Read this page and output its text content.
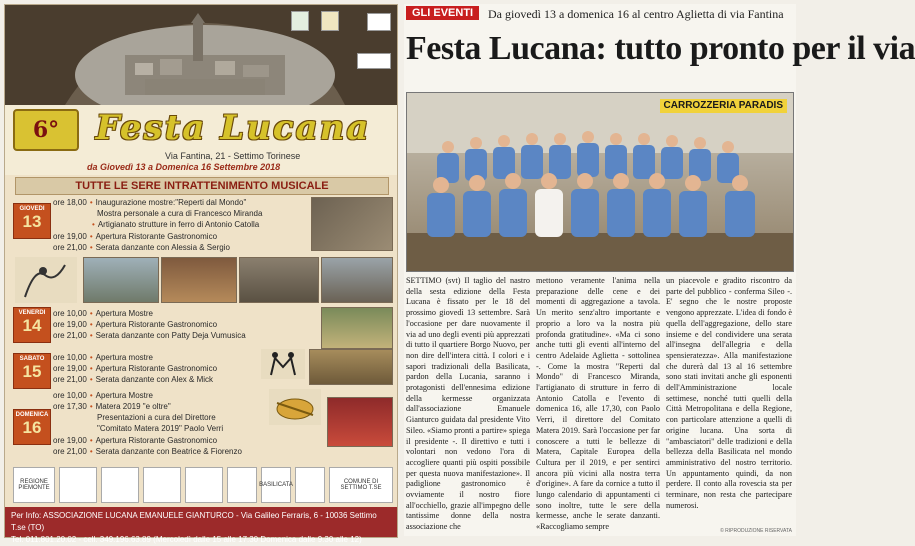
6°	Festa Lucana
Via Fantina, 21 - Settimo Torinese
da Giovedì 13 a Domenica 16 Settembre 2018
TUTTE LE SERE INTRATTENIMENTO MUSICALE
GIOVEDI
13
ore 18,00 • Inaugurazione mostre:"Reperti dal Mondo"
Mostra personale a cura di Francesco Miranda
• Artigianato strutture in ferro di Antonio Catolla
ore 19,00 • Apertura Ristorante Gastronomico
ore 21,00 • Serata danzante con Alessia & Sergio
VENERDI
14
ore 10,00 • Apertura Mostre
ore 19,00 • Apertura Ristorante Gastronomico
ore 21,00 • Serata danzante con Patty Deja Vumusica
SABATO
15
ore 10,00 • Apertura mostre
ore 19,00 • Apertura Ristorante Gastronomico
ore 21,00 • Serata danzante con Alex & Mick
DOMENICA
16
ore 10,00 • Apertura Mostre
ore 17,30 • Matera 2019 "e oltre"
Presentazioni a cura del Direttore
"Comitato Matera 2019" Paolo Verri
ore 19,00 • Apertura Ristorante Gastronomico
ore 21,00 • Serata danzante con Beatrice & Fiorenzo
REGIONE PIEMONTE	BASILICATA	COMUNE DI SETTIMO T.SE
Per Info: ASSOCIAZIONE LUCANA EMANUELE GIANTURCO - Via Galileo Ferraris, 6 - 10036 Settimo T.se (TO)
Tel. 011.801.20.02 - cell. 349.196.63.89 (Mercoledì dalle 15 alle 17.30 Domenica dalle 9.30 alle 12)
GLI EVENTI	Da giovedì 13 a domenica 16 al centro Aglietta di via Fantina
Festa Lucana: tutto pronto per il via
CARROZZERIA PARADIS
SETTIMO (svt) Il taglio del nastro della sesta edizione della Festa Lucana è fissato per le 18 del prossimo giovedì 13 settembre. Sarà l'occasione per dare nuovamente il via ad uno degli eventi più apprezzati di tutto il quartiere Borgo Nuovo, per non dire dell'intera città. I colori e i sapori tradizionali della Basilicata, pardon della Lucania, saranno i protagonisti dell'ennesima edizione della kermesse organizzata dall'associazione Emanuele Gianturco guidata dal presidente Vito Sileo. «Siamo pronti a partire» spiega il presidente -. Il direttivo e tutti i volontari non vedono l'ora di accogliere quanti più ospiti possibile per questa nuova manifestazione». Il padiglione gastronomico è ovviamente il nostro fiore all'occhiello, grazie all'impegno delle tantissime donne della nostra associazione che
mettono veramente l'anima nella preparazione delle cene e dei momenti di aggregazione a tavola. Un merito senz'altro importante e proprio a loro va la nostra più profonda gratitudine». «Ma ci sono anche tutti gli eventi all'interno del centro Adelaide Aglietta - sottolinea -. Come la mostra "Reperti dal Mondo" di Francesco Miranda, l'artigianato di strutture in ferro di Antonio Catolla e l'evento di domenica 16, alle 17,30, con Paolo Verri, il direttore del Comitato Matera 2019. Sarà l'occasione per far conoscere a tutti le bellezze di Matera, Capitale Europea della Cultura per il 2019, e per sentirci ancora più vicini alla nostra terra d'origine». A fare da cornice a tutto il lungo calendario di appuntamenti ci sono inoltre, tutte le sere della kermesse, anche le serate danzanti. «Raccogliamo sempre
un piacevole e gradito riscontro da parte del pubblico - conferma Sileo -. E' segno che le nostre proposte vengono apprezzate. L'idea di fondo è quella dell'aggregazione, dello stare insieme e del condividere una serata all'insegna dell'allegria e della spensieratezza». Alla manifestazione che durerà dal 13 al 16 settembre sono stati invitati anche gli esponenti dell'Amministrazione locale settimese, nonché tutti quelli della Città Metropolitana e della Regione, con particolare attenzione a quelli di origine lucana. Una sorta di "ambasciatori" delle tradizioni e della bellezza della Basilicata nel mondo amministrativo del nostro territorio. Un appuntamento quindi, da non perdere. Il conto alla rovescia sta per terminare, non resta che partecipare numerosi.
© RIPRODUZIONE RISERVATA
